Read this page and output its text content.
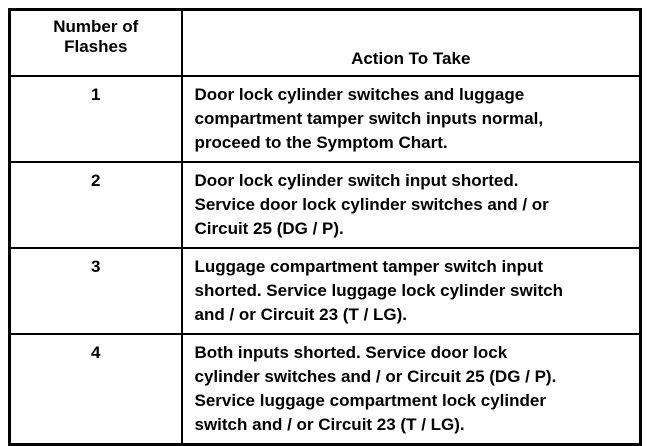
Number of
Flashes	Action To Take
1	Door lock cylinder switches and luggage
compartment tamper switch inputs normal,
proceed to the Symptom Chart.

2	Door lock cylinder switch input shorted.
Service door lock cylinder switches and / or
Circuit 25 (DG / P).

3	Luggage compartment tamper switch input
shorted. Service luggage lock cylinder switch
and / or Circuit 23 (T / LG).

4	Both inputs shorted. Service door lock
cylinder switches and / or Circuit 25 (DG / P).
Service luggage compartment lock cylinder
switch and / or Circuit 23 (T / LG).
